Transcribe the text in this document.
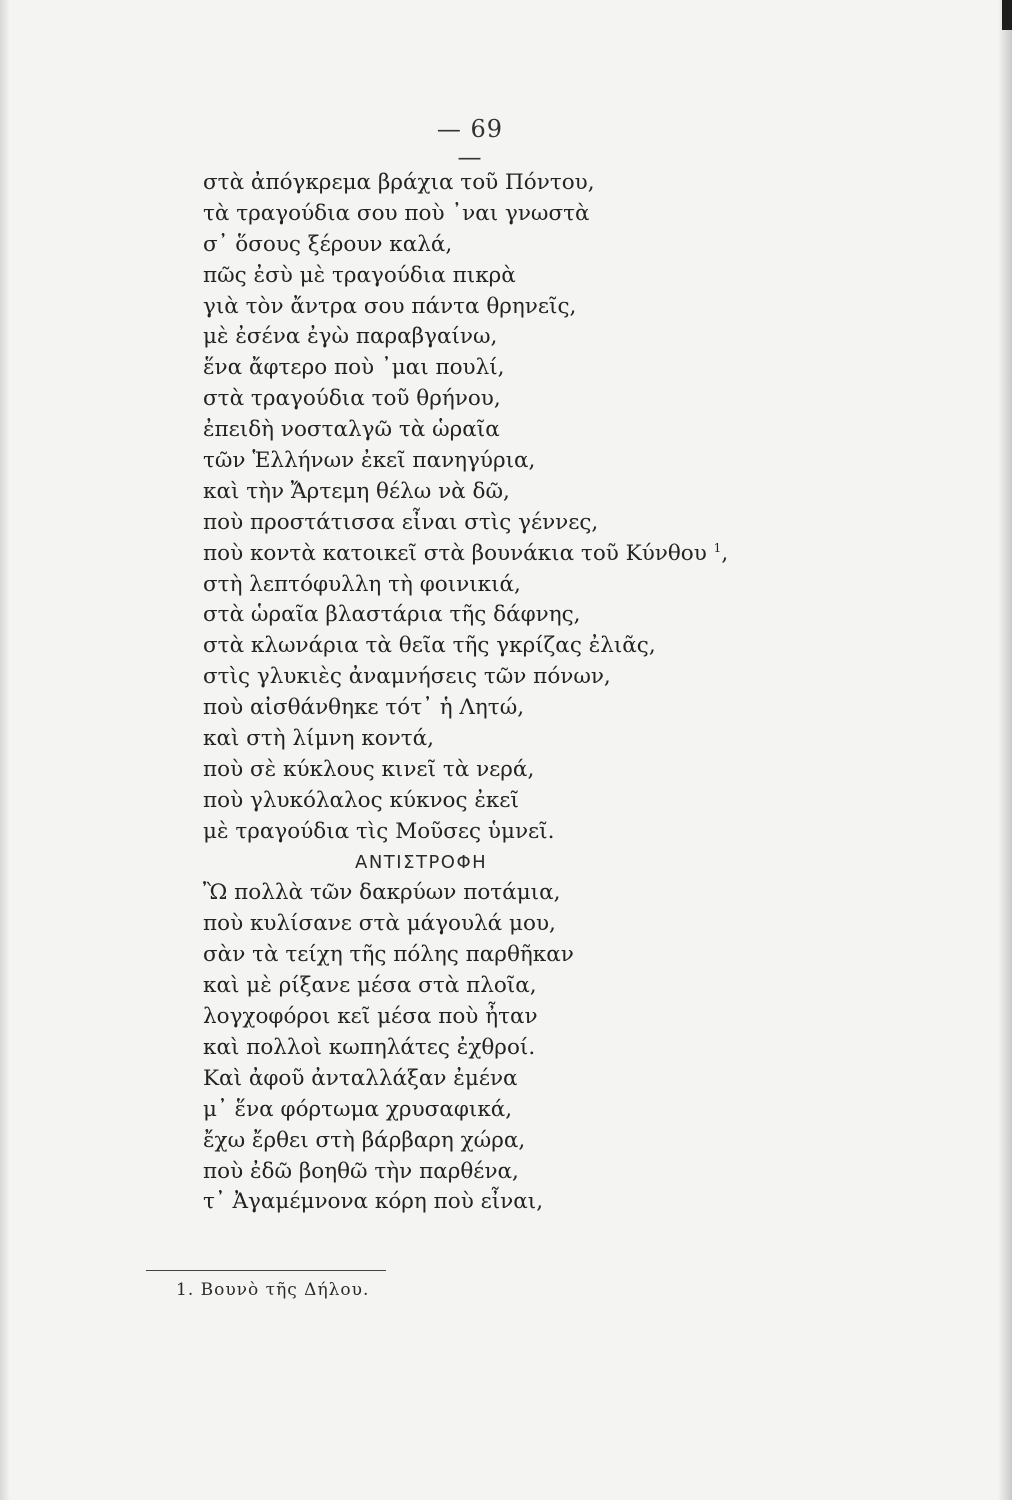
— 69 —
στὰ ἀπόγκρεμα βράχια τοῦ Πόντου,
τὰ τραγούδια σου ποὺ ᾿ναι γνωστὰ
σ᾿ ὅσους ξέρουν καλά,
πῶς ἐσὺ μὲ τραγούδια πικρὰ
γιὰ τὸν ἄντρα σου πάντα θρηνεῖς,
μὲ ἐσένα ἐγὼ παραβγαίνω,
ἕνα ἄφτερο ποὺ ᾿μαι πουλί,
στὰ τραγούδια τοῦ θρήνου,
ἐπειδὴ νοσταλγῶ τὰ ὡραῖα
τῶν Ἑλλήνων ἐκεῖ πανηγύρια,
καὶ τὴν Ἄρτεμη θέλω νὰ δῶ,
ποὺ προστάτισσα εἶναι στὶς γέννες,
ποὺ κοντὰ κατοικεῖ στὰ βουνάκια τοῦ Κύνθου $^1$,
στὴ λεπτόφυλλη τὴ φοινικιά,
στὰ ὡραῖα βλαστάρια τῆς δάφνης,
στὰ κλωνάρια τὰ θεῖα τῆς γκρίζας ἐλιᾶς,
στὶς γλυκιὲς ἀναμνήσεις τῶν πόνων,
ποὺ αἰσθάνθηκε τότ᾿ ἡ Λητώ,
καὶ στὴ λίμνη κοντά,
ποὺ σὲ κύκλους κινεῖ τὰ νερά,
ποὺ γλυκόλαλος κύκνος ἐκεῖ
μὲ τραγούδια τὶς Μοῦσες ὑμνεῖ.
ΑΝΤΙΣΤΡΟΦΗ
Ὢ πολλὰ τῶν δακρύων ποτάμια,
ποὺ κυλίσανε στὰ μάγουλά μου,
σὰν τὰ τείχη τῆς πόλης παρθῆκαν
καὶ μὲ ρίξανε μέσα στὰ πλοῖα,
λογχοφόροι κεῖ μέσα ποὺ ἦταν
καὶ πολλοὶ κωπηλάτες ἐχθροί.
Καὶ ἀφοῦ ἀνταλλάξαν ἐμένα
μ᾿ ἕνα φόρτωμα χρυσαφικά,
ἔχω ἔρθει στὴ βάρβαρη χώρα,
ποὺ ἐδῶ βοηθῶ τὴν παρθένα,
τ᾿ Ἀγαμέμνονα κόρη ποὺ εἶναι,
1. Βουνὸ τῆς Δήλου.
